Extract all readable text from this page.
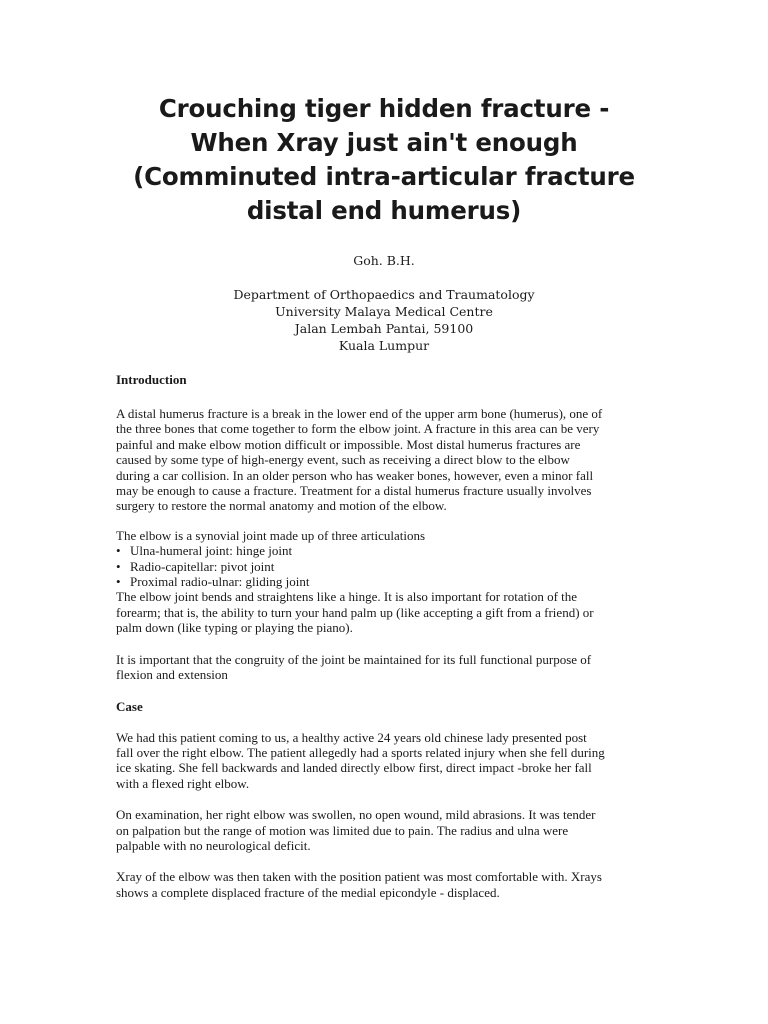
Crouching tiger hidden fracture -
When Xray just ain't enough
(Comminuted intra-articular fracture
distal end humerus)
Goh. B.H.
Department of Orthopaedics and Traumatology
University Malaya Medical Centre
Jalan Lembah Pantai, 59100
Kuala Lumpur
Introduction
A distal humerus fracture is a break in the lower end of the upper arm bone (humerus), one of
the three bones that come together to form the elbow joint. A fracture in this area can be very
painful and make elbow motion difficult or impossible. Most distal humerus fractures are
caused by some type of high-energy event, such as receiving a direct blow to the elbow
during a car collision. In an older person who has weaker bones, however, even a minor fall
may be enough to cause a fracture. Treatment for a distal humerus fracture usually involves
surgery to restore the normal anatomy and motion of the elbow.
The elbow is a synovial joint made up of three articulations
• Ulna-humeral joint: hinge joint
• Radio-capitellar: pivot joint
• Proximal radio-ulnar: gliding joint
The elbow joint bends and straightens like a hinge. It is also important for rotation of the
forearm; that is, the ability to turn your hand palm up (like accepting a gift from a friend) or
palm down (like typing or playing the piano).
It is important that the congruity of the joint be maintained for its full functional purpose of
flexion and extension
Case
We had this patient coming to us, a healthy active 24 years old chinese lady presented post
fall over the right elbow. The patient allegedly had a sports related injury when she fell during
ice skating. She fell backwards and landed directly elbow first, direct impact -broke her fall
with a flexed right elbow.
On examination, her right elbow was swollen, no open wound, mild abrasions. It was tender
on palpation but the range of motion was limited due to pain. The radius and ulna were
palpable with no neurological deficit.
Xray of the elbow was then taken with the position patient was most comfortable with. Xrays
shows a complete displaced fracture of the medial epicondyle - displaced.
